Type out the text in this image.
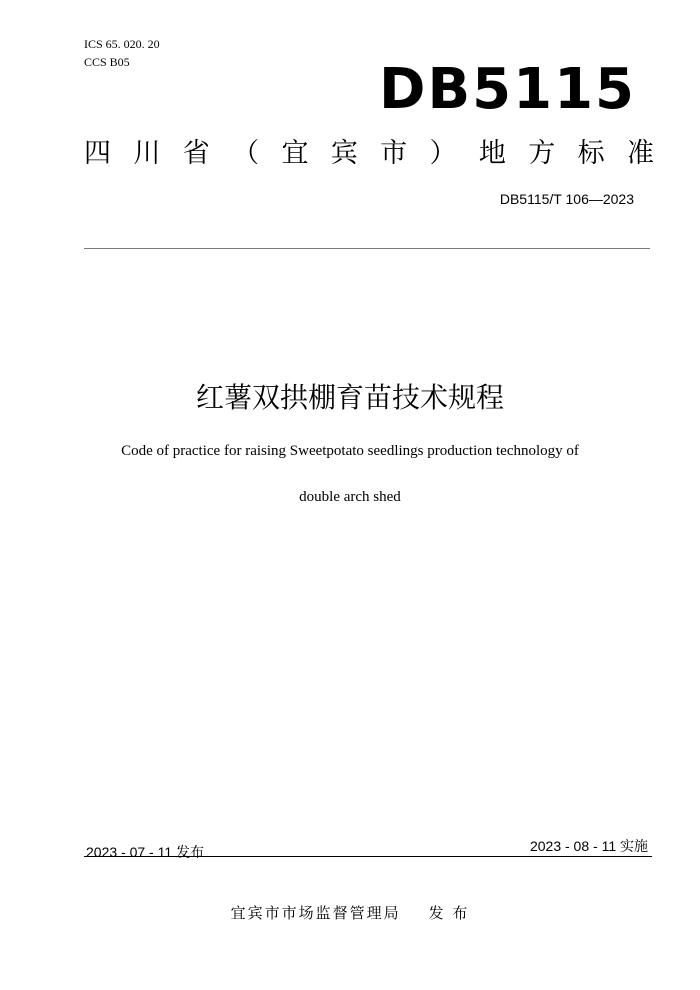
ICS 65. 020. 20
CCS B05	DB5115
四 川 省 （ 宜 宾 市 ） 地 方 标 准
DB5115/T 106—2023
红薯双拱棚育苗技术规程
Code of practice for raising Sweetpotato seedlings production technology of
double arch shed
2023 - 07 - 11 发布	2023 - 08 - 11 实施
宜宾市市场监督管理局 发 布
